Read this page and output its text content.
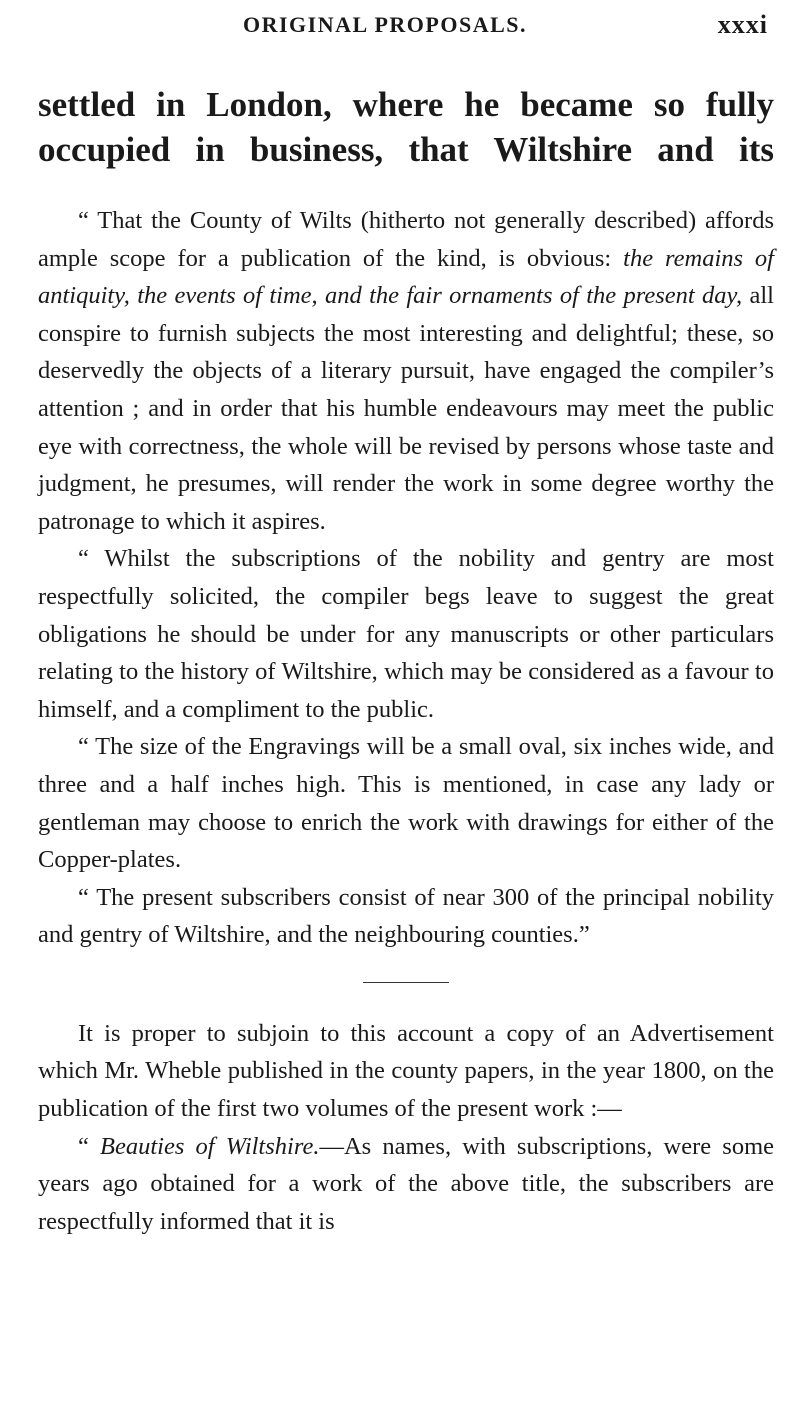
ORIGINAL PROPOSALS.	xxxi
settled in London, where he became so fully
occupied in business, that Wiltshire and its

“ That the County of Wilts (hitherto not generally described) affords ample scope for a publication of the kind, is obvious: the remains of antiquity, the events of time, and the fair ornaments of the present day, all conspire to furnish subjects the most interesting and delightful; these, so deservedly the objects of a literary pursuit, have engaged the compiler’s attention ; and in order that his humble endeavours may meet the public eye with correctness, the whole will be revised by persons whose taste and judgment, he presumes, will render the work in some degree worthy the patronage to which it aspires.

“ Whilst the subscriptions of the nobility and gentry are most respectfully solicited, the compiler begs leave to suggest the great obligations he should be under for any manuscripts or other particulars relating to the history of Wiltshire, which may be considered as a favour to himself, and a compliment to the public.

“ The size of the Engravings will be a small oval, six inches wide, and three and a half inches high. This is mentioned, in case any lady or gentleman may choose to enrich the work with drawings for either of the Copper-plates.

“ The present subscribers consist of near 300 of the principal nobility and gentry of Wiltshire, and the neighbouring counties.”

It is proper to subjoin to this account a copy of an Advertisement which Mr. Wheble published in the county papers, in the year 1800, on the publication of the first two volumes of the present work :—

“ Beauties of Wiltshire.—As names, with subscriptions, were some years ago obtained for a work of the above title, the subscribers are respectfully informed that it is
